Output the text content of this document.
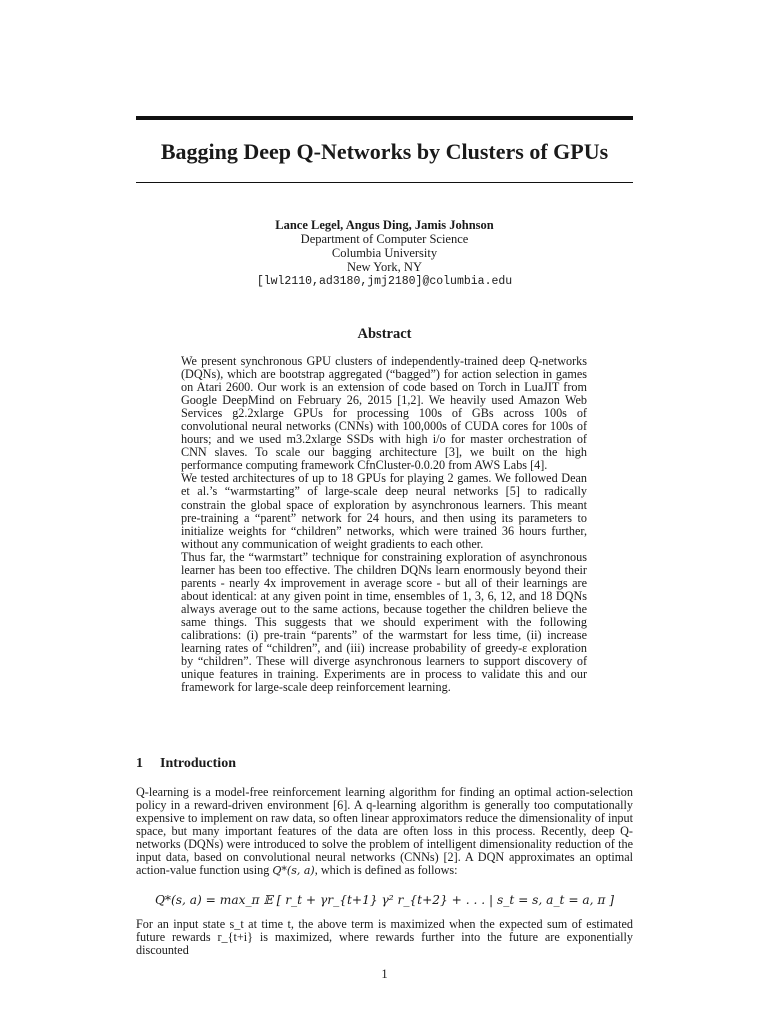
Bagging Deep Q-Networks by Clusters of GPUs
Lance Legel, Angus Ding, Jamis Johnson
Department of Computer Science
Columbia University
New York, NY
[lwl2110,ad3180,jmj2180]@columbia.edu
Abstract

We present synchronous GPU clusters of independently-trained deep Q-networks (DQNs), which are bootstrap aggregated (“bagged”) for action selection in games on Atari 2600. Our work is an extension of code based on Torch in LuaJIT from Google DeepMind on February 26, 2015 [1,2]. We heavily used Amazon Web Services g2.2xlarge GPUs for processing 100s of GBs across 100s of convolutional neural networks (CNNs) with 100,000s of CUDA cores for 100s of hours; and we used m3.2xlarge SSDs with high i/o for master orchestration of CNN slaves. To scale our bagging architecture [3], we built on the high performance computing framework CfnCluster-0.0.20 from AWS Labs [4].

We tested architectures of up to 18 GPUs for playing 2 games. We followed Dean et al.’s “warmstarting” of large-scale deep neural networks [5] to radically constrain the global space of exploration by asynchronous learners. This meant pre-training a “parent” network for 24 hours, and then using its parameters to initialize weights for “children” networks, which were trained 36 hours further, without any communication of weight gradients to each other.

Thus far, the “warmstart” technique for constraining exploration of asynchronous learner has been too effective. The children DQNs learn enormously beyond their parents - nearly 4x improvement in average score - but all of their learnings are about identical: at any given point in time, ensembles of 1, 3, 6, 12, and 18 DQNs always average out to the same actions, because together the children believe the same things. This suggests that we should experiment with the following calibrations: (i) pre-train “parents” of the warmstart for less time, (ii) increase learning rates of “children”, and (iii) increase probability of greedy-ε exploration by “children”. These will diverge asynchronous learners to support discovery of unique features in training. Experiments are in process to validate this and our framework for large-scale deep reinforcement learning.

1 Introduction

Q-learning is a model-free reinforcement learning algorithm for finding an optimal action-selection policy in a reward-driven environment [6]. A q-learning algorithm is generally too computationally expensive to implement on raw data, so often linear approximators reduce the dimensionality of input space, but many important features of the data are often loss in this process. Recently, deep Q-networks (DQNs) were introduced to solve the problem of intelligent dimensionality reduction of the input data, based on convolutional neural networks (CNNs) [2]. A DQN approximates an optimal action-value function using Q*(s, a), which is defined as follows:

Q*(s, a) = max_π 𝔼 [ r_t + γr_{t+1} γ² r_{t+2} + . . . | s_t = s, a_t = a, π ]

For an input state s_t at time t, the above term is maximized when the expected sum of estimated future rewards r_{t+i} is maximized, where rewards further into the future are exponentially discounted

1
